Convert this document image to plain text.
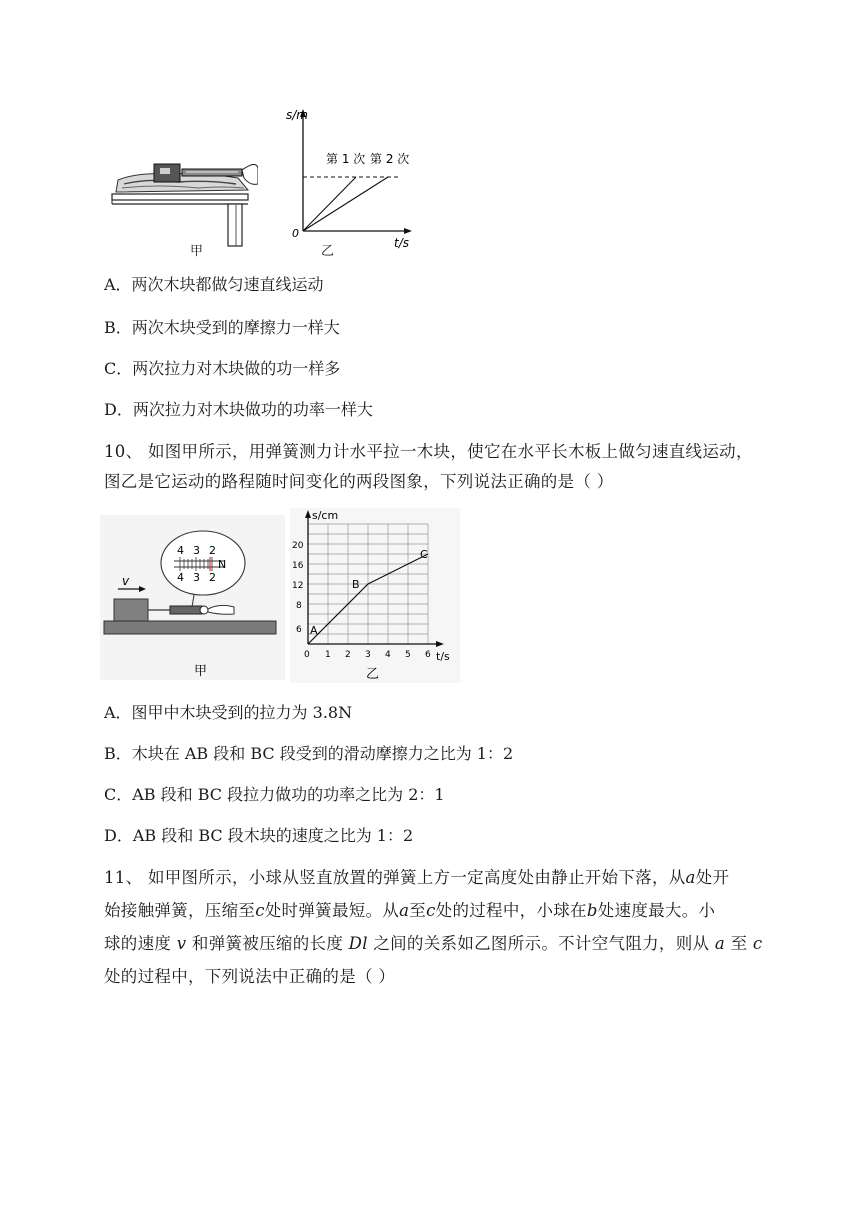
甲
s/m
t/s
0
第 1 次 第 2 次
乙
A．两次木块都做匀速直线运动
B．两次木块受到的摩擦力一样大
C．两次拉力对木块做的功一样多
D．两次拉力对木块做功的功率一样大
10、 如图甲所示，用弹簧测力计水平拉一木块，使它在水平长木板上做匀速直线运动，
图乙是它运动的路程随时间变化的两段图象，下列说法正确的是（ ）
v
4 3 2
4 3 2
N
甲
s/cm
t/s
6
8
12
16
20
0 1 2 3 4 5 6
A
B
C
乙
A．图甲中木块受到的拉力为 3.8N
B．木块在 AB 段和 BC 段受到的滑动摩擦力之比为 1：2
C．AB 段和 BC 段拉力做功的功率之比为 2：1
D．AB 段和 BC 段木块的速度之比为 1：2
11、 如甲图所示，小球从竖直放置的弹簧上方一定高度处由静止开始下落，从a处开
始接触弹簧，压缩至c处时弹簧最短。从a至c处的过程中，小球在b处速度最大。小
球的速度 v 和弹簧被压缩的长度 Dl 之间的关系如乙图所示。不计空气阻力，则从 a 至 c
处的过程中，下列说法中正确的是（ ）
